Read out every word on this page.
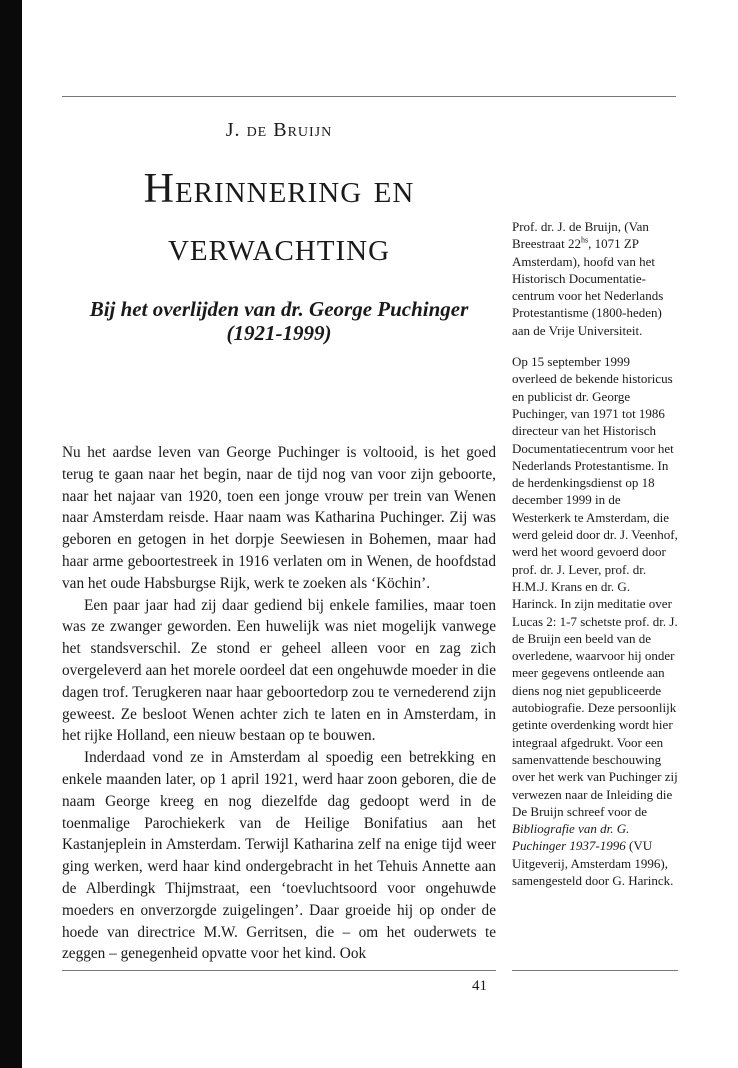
J. de Bruijn
Herinnering en
verwachting
Bij het overlijden van dr. George Puchinger
(1921-1999)

Prof. dr. J. de Bruijn, (Van Breestraat $22^{hs}$, 1071 ZP Amsterdam), hoofd van het Historisch Documentatiecentrum voor het Nederlands Protestantisme (1800-heden) aan de Vrije Universiteit.

Op 15 september 1999 overleed de bekende historicus en publicist dr. George Puchinger, van 1971 tot 1986 directeur van het Historisch Documentatiecentrum voor het Nederlands Protestantisme. In de herdenkingsdienst op 18 december 1999 in de Westerkerk te Amsterdam, die werd geleid door dr. J. Veenhof, werd het woord gevoerd door prof. dr. J. Lever, prof. dr. H.M.J. Krans en dr. G. Harinck. In zijn meditatie over Lucas 2: 1-7 schetste prof. dr. J. de Bruijn een beeld van de overledene, waarvoor hij onder meer gegevens ontleende aan diens nog niet gepubliceerde autobiografie. Deze persoonlijk getinte overdenking wordt hier integraal afgedrukt. Voor een samenvattende beschouwing over het werk van Puchinger zij verwezen naar de Inleiding die De Bruijn schreef voor de Bibliografie van dr. G. Puchinger 1937-1996 (VU Uitgeverij, Amsterdam 1996), samengesteld door G. Harinck.

Nu het aardse leven van George Puchinger is voltooid, is het goed terug te gaan naar het begin, naar de tijd nog van voor zijn geboorte, naar het najaar van 1920, toen een jonge vrouw per trein van Wenen naar Amsterdam reisde. Haar naam was Katharina Puchinger. Zij was geboren en getogen in het dorpje Seewiesen in Bohemen, maar had haar arme geboortestreek in 1916 verlaten om in Wenen, de hoofdstad van het oude Habsburgse Rijk, werk te zoeken als ‘Köchin’.

Een paar jaar had zij daar gediend bij enkele families, maar toen was ze zwanger geworden. Een huwelijk was niet mogelijk vanwege het standsverschil. Ze stond er geheel alleen voor en zag zich overgeleverd aan het morele oordeel dat een ongehuwde moeder in die dagen trof. Terugkeren naar haar geboortedorp zou te vernederend zijn geweest. Ze besloot Wenen achter zich te laten en in Amsterdam, in het rijke Holland, een nieuw bestaan op te bouwen.

Inderdaad vond ze in Amsterdam al spoedig een betrekking en enkele maanden later, op 1 april 1921, werd haar zoon geboren, die de naam George kreeg en nog diezelfde dag gedoopt werd in de toenmalige Parochiekerk van de Heilige Bonifatius aan het Kastanjeplein in Amsterdam. Terwijl Katharina zelf na enige tijd weer ging werken, werd haar kind ondergebracht in het Tehuis Annette aan de Alberdingk Thijmstraat, een ‘toevluchtsoord voor ongehuwde moeders en onverzorgde zuigelingen’. Daar groeide hij op onder de hoede van directrice M.W. Gerritsen, die – om het ouderwets te zeggen – genegenheid opvatte voor het kind. Ook

41
